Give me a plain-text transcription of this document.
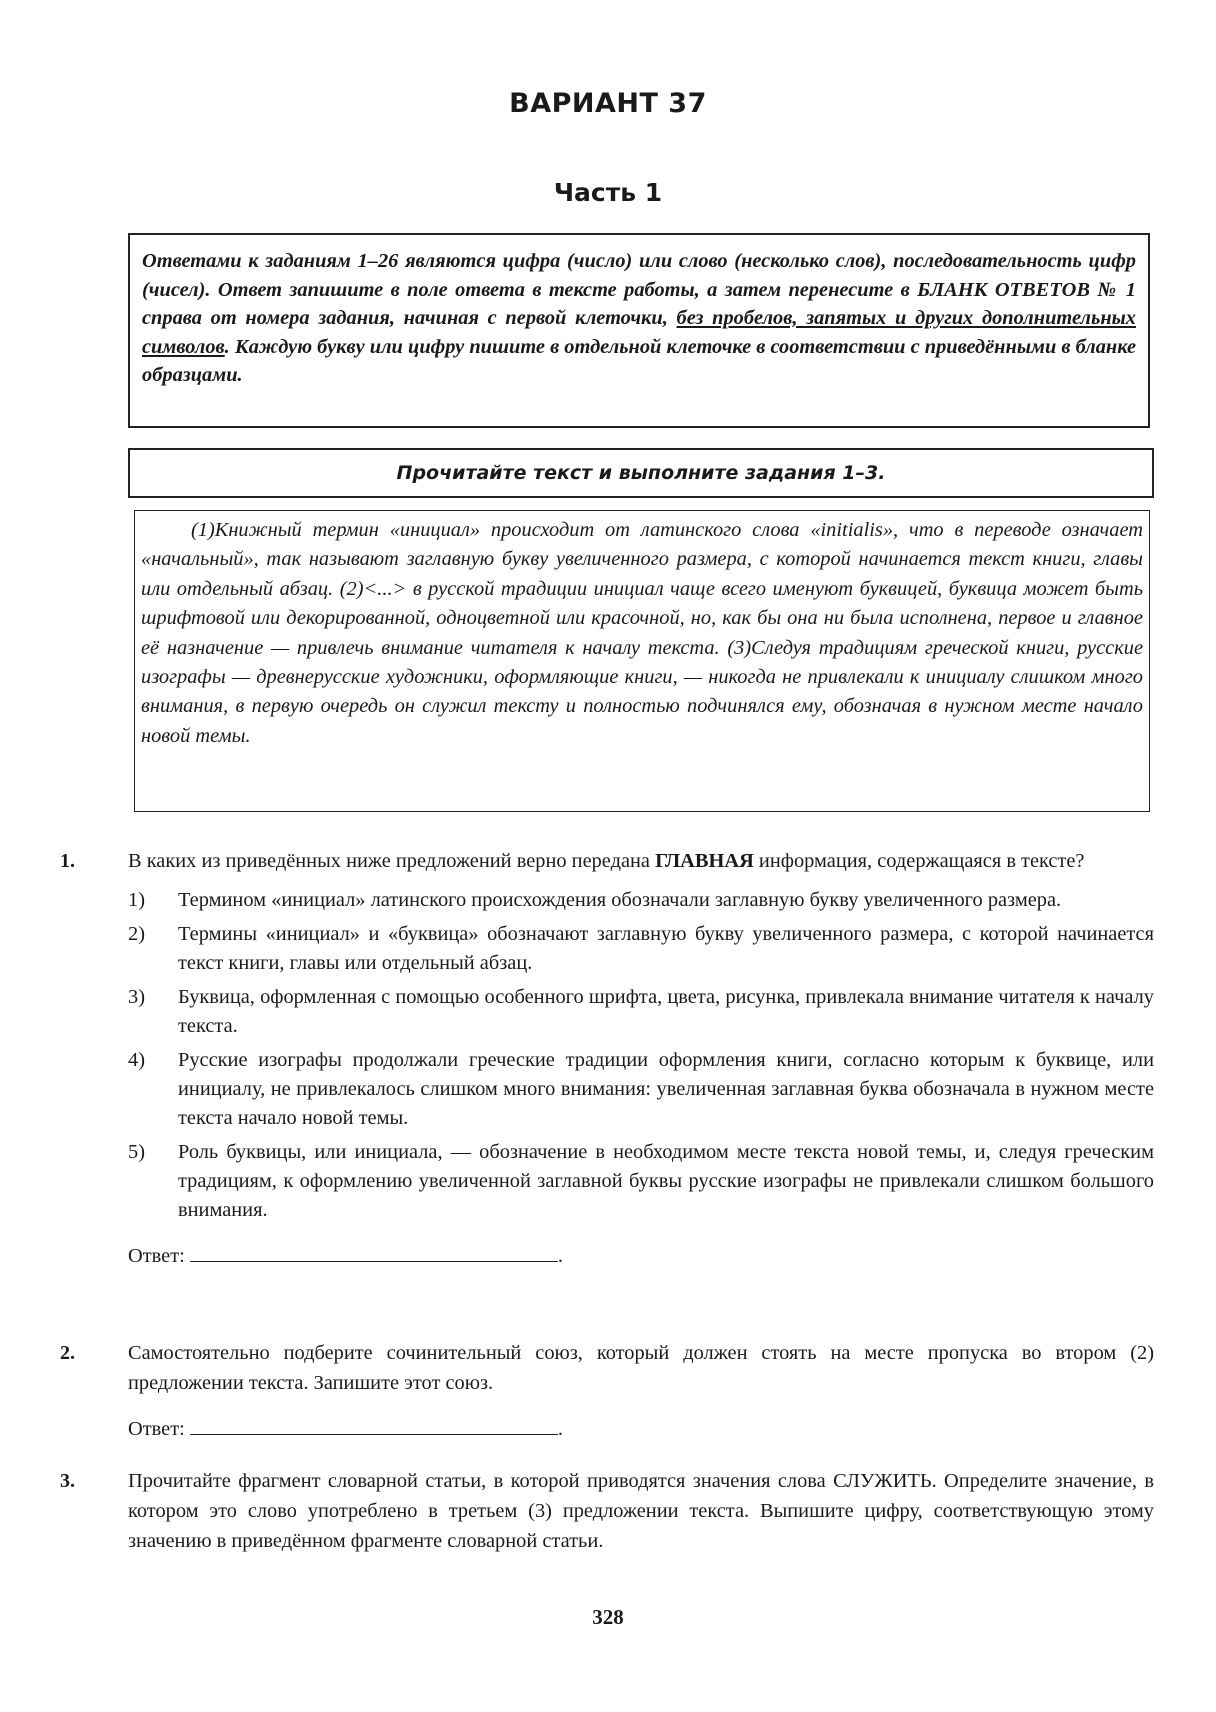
ВАРИАНТ 37
Часть 1
Ответами к заданиям 1–26 являются цифра (число) или слово (несколько слов), последовательность цифр (чисел). Ответ запишите в поле ответа в тексте работы, а затем перенесите в БЛАНК ОТВЕТОВ № 1 справа от номера задания, начиная с первой клеточки, без пробелов, запятых и других дополнительных символов. Каждую букву или цифру пишите в отдельной клеточке в соответствии с приведёнными в бланке образцами.
Прочитайте текст и выполните задания 1–3.
(1)Книжный термин «инициал» происходит от латинского слова «initialis», что в переводе означает «начальный», так называют заглавную букву увеличенного размера, с которой начинается текст книги, главы или отдельный абзац. (2)<...> в русской традиции инициал чаще всего именуют буквицей, буквица может быть шрифтовой или декорированной, одноцветной или красочной, но, как бы она ни была исполнена, первое и главное её назначение — привлечь внимание читателя к началу текста. (3)Следуя традициям греческой книги, русские изографы — древнерусские художники, оформляющие книги, — никогда не привлекали к инициалу слишком много внимания, в первую очередь он служил тексту и полностью подчинялся ему, обозначая в нужном месте начало новой темы.
1.	В каких из приведённых ниже предложений верно передана ГЛАВНАЯ информация, содержащаяся в тексте?
1) Термином «инициал» латинского происхождения обозначали заглавную букву увеличенного размера.
2) Термины «инициал» и «буквица» обозначают заглавную букву увеличенного размера, с которой начинается текст книги, главы или отдельный абзац.
3) Буквица, оформленная с помощью особенного шрифта, цвета, рисунка, привлекала внимание читателя к началу текста.
4) Русские изографы продолжали греческие традиции оформления книги, согласно которым к буквице, или инициалу, не привлекалось слишком много внимания: увеличенная заглавная буква обозначала в нужном месте текста начало новой темы.
5) Роль буквицы, или инициала, — обозначение в необходимом месте текста новой темы, и, следуя греческим традициям, к оформлению увеличенной заглавной буквы русские изографы не привлекали слишком большого внимания.
Ответ:	.
2.	Самостоятельно подберите сочинительный союз, который должен стоять на месте пропуска во втором (2) предложении текста. Запишите этот союз.
Ответ:	.
3.	Прочитайте фрагмент словарной статьи, в которой приводятся значения слова СЛУЖИТЬ. Определите значение, в котором это слово употреблено в третьем (3) предложении текста. Выпишите цифру, соответствующую этому значению в приведённом фрагменте словарной статьи.
328
